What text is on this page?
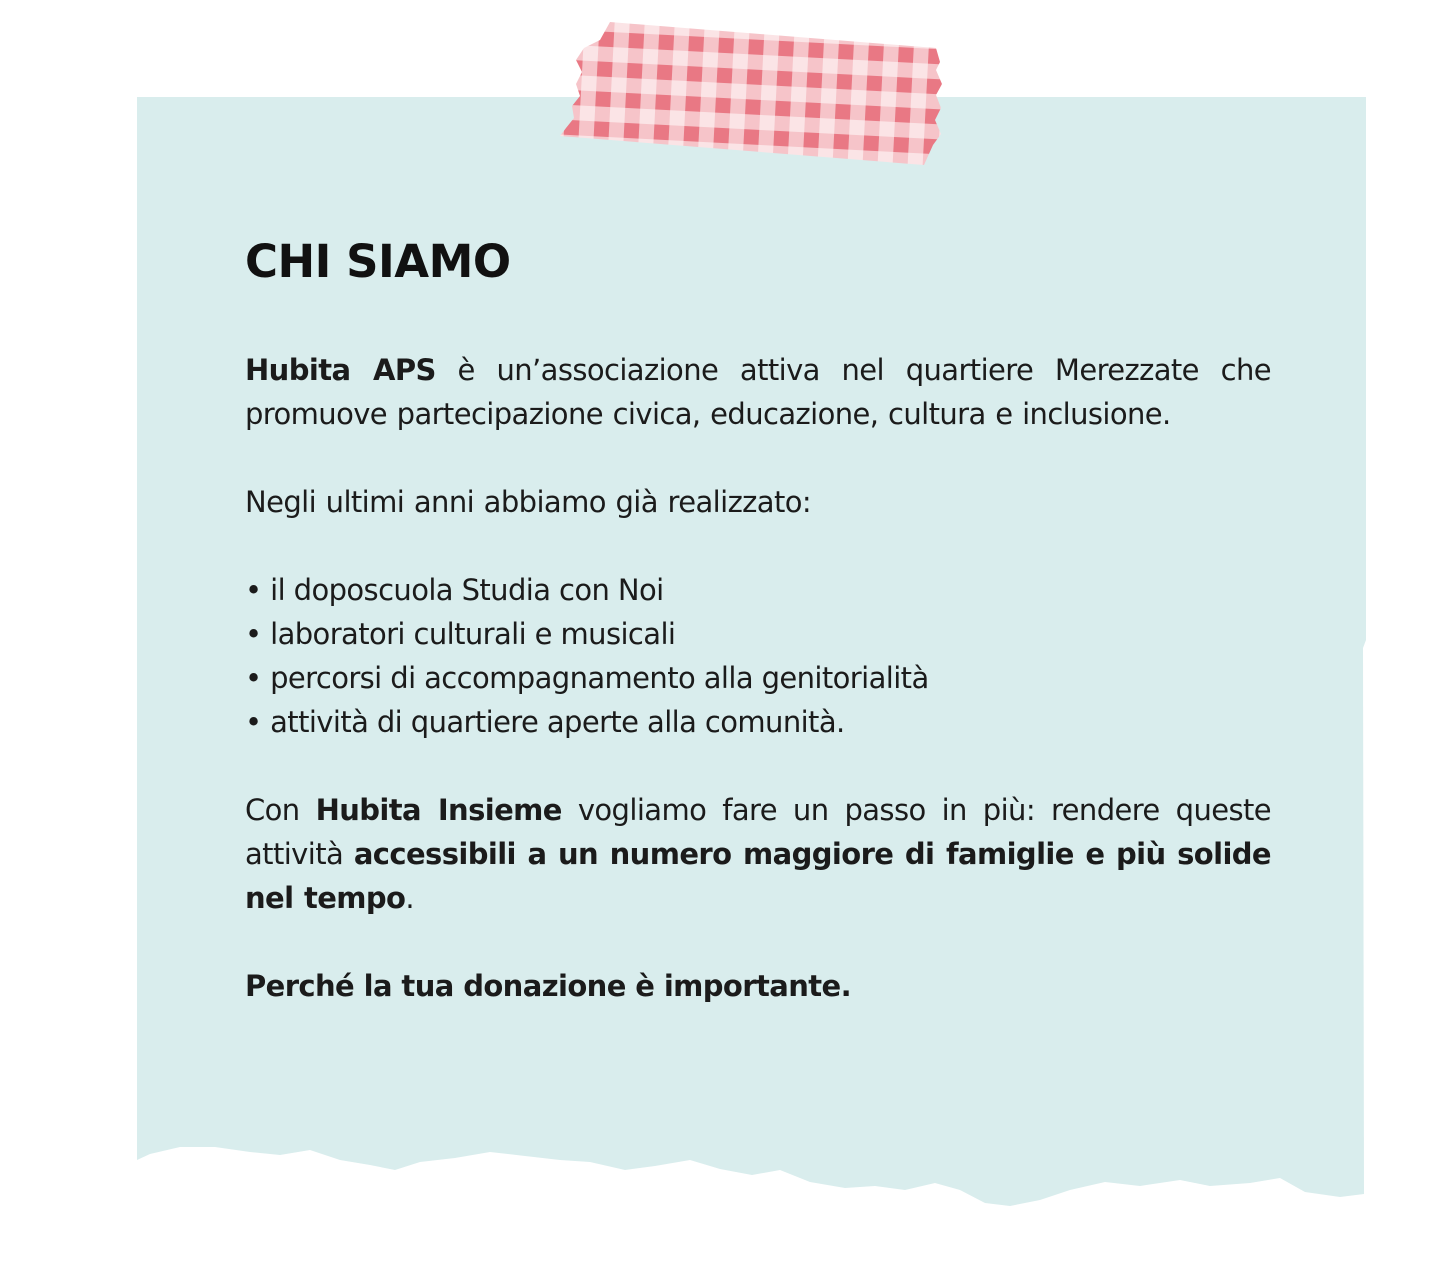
CHI SIAMO

Hubita APS è un’associazione attiva nel quartiere Merezzate che promuove partecipazione civica, educazione, cultura e inclusione.

Negli ultimi anni abbiamo già realizzato:

• il doposcuola Studia con Noi
• laboratori culturali e musicali
• percorsi di accompagnamento alla genitorialità
• attività di quartiere aperte alla comunità.

Con Hubita Insieme vogliamo fare un passo in più: rendere queste attività accessibili a un numero maggiore di famiglie e più solide nel tempo.

Perché la tua donazione è importante.
